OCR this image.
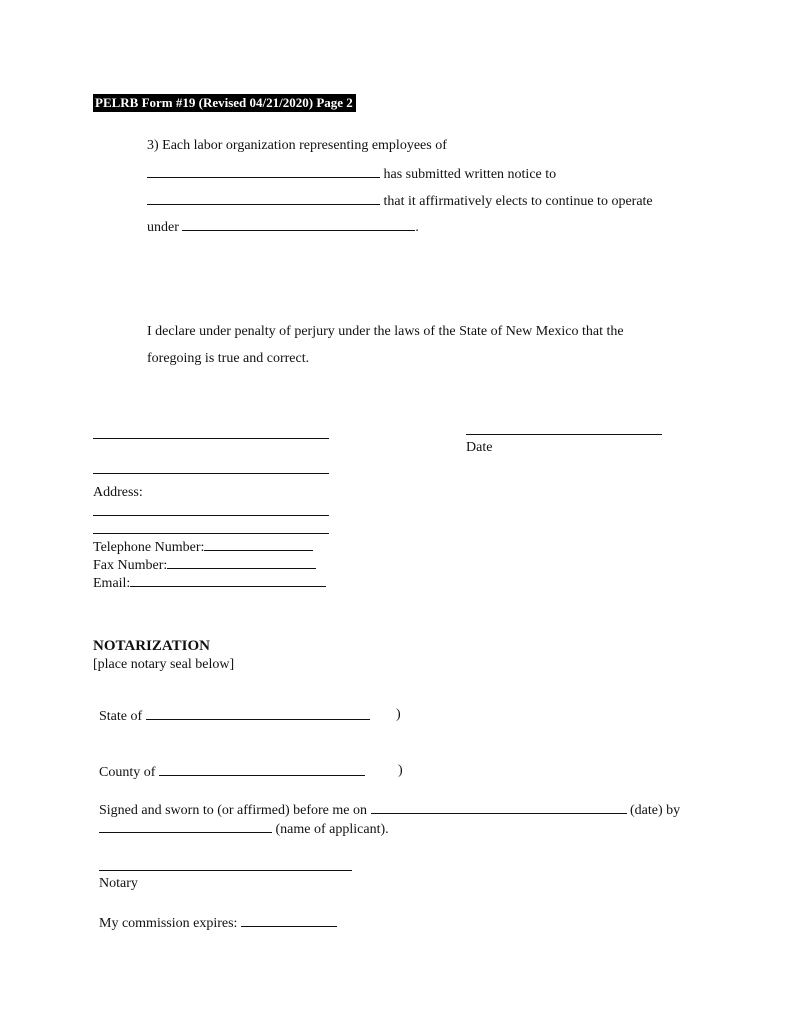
PELRB Form #19 (Revised 04/21/2020) Page 2
3) Each labor organization representing employees of
has submitted written notice to
that it affirmatively elects to continue to operate
under	.
I declare under penalty of perjury under the laws of the State of New Mexico that the
foregoing is true and correct.
Date
Address:
Telephone Number:
Fax Number:
Email:
NOTARIZATION
[place notary seal below]
State of	)
County of	)
Signed and sworn to (or affirmed) before me on	(date) by
(name of applicant).
Notary
My commission expires:
